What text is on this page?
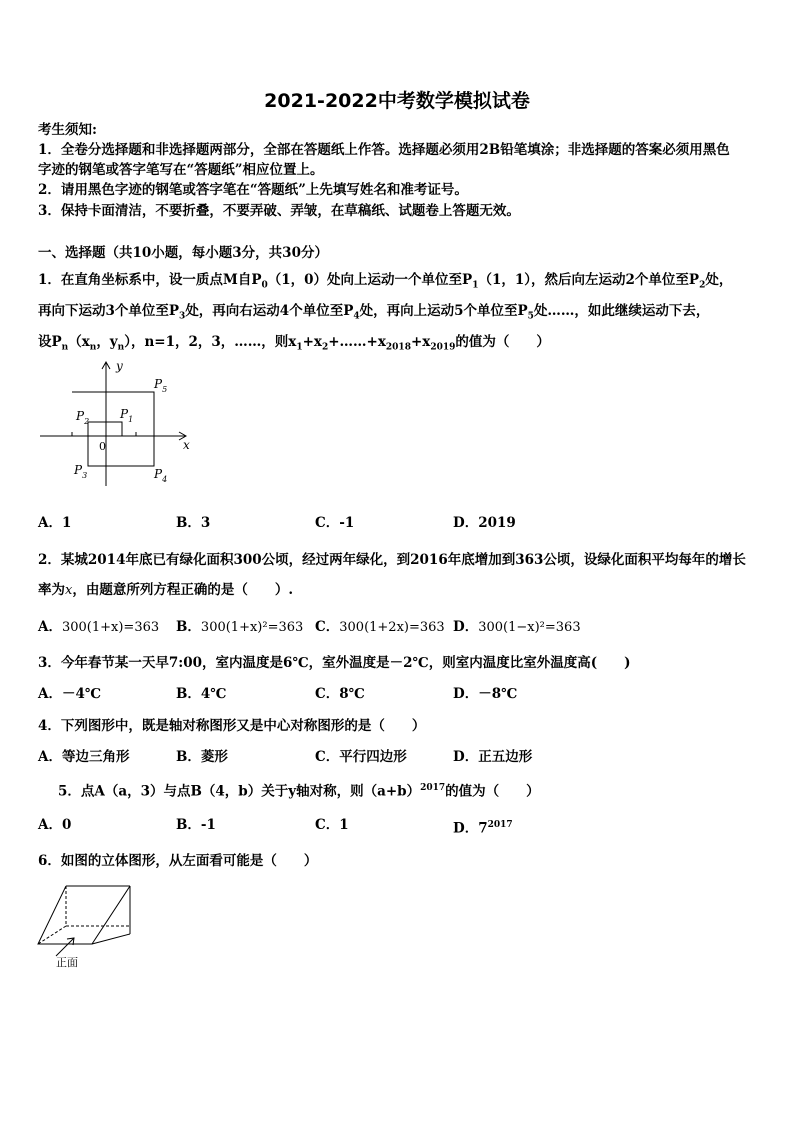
2021-2022中考数学模拟试卷
考生须知:
1．全卷分选择题和非选择题两部分，全部在答题纸上作答。选择题必须用2B铅笔填涂；非选择题的答案必须用黑色
字迹的钢笔或答字笔写在“答题纸”相应位置上。
2．请用黑色字迹的钢笔或答字笔在“答题纸”上先填写姓名和准考证号。
3．保持卡面清洁，不要折叠，不要弄破、弄皱，在草稿纸、试题卷上答题无效。
一、选择题（共10小题，每小题3分，共30分）
1．在直角坐标系中，设一质点M自$P_0(1$，0）处向上运动一个单位至$P_1(1$，1），然后向左运动2个单位至$P_2$处，
再向下运动3个单位至$P_3$处，再向右运动4个单位至$P_4$处，再向上运动5个单位至$P_5$处……，如此继续运动下去，
设$P_n(x_n$，$y_n$），n=1，2，3，……，则$x_1+x_2+\dots\dots+x_{2018}+x_{2019}$的值为（　　）
y
x
0
$P_5$
$P_1$
$P_2$
$P_3$	$P_4$
A．1	B．3	C．-1	D．2019
2．某城2014年底已有绿化面积300公顷，经过两年绿化，到2016年底增加到363公顷，设绿化面积平均每年的增长
率为x，由题意所列方程正确的是（　　）.
A．300(1+x)=363 B．300(1+x)²=363 C．300(1+2x)=363 D．300(1−x)²=363
3．今年春节某一天早7:00，室内温度是6℃，室外温度是－2℃，则室内温度比室外温度高(　　)
A．－4℃	B．4℃	C．8℃	D．－8℃
4．下列图形中，既是轴对称图形又是中心对称图形的是（　　）
A．等边三角形	B．菱形	C．平行四边形	D．正五边形
5．点A（a，3）与点B（4，b）关于y轴对称，则$(a+b)^{2017}$的值为（　　）
A．0	B．-1	C．1	D．$7^{2017}$
6．如图的立体图形，从左面看可能是（　　）
正面
